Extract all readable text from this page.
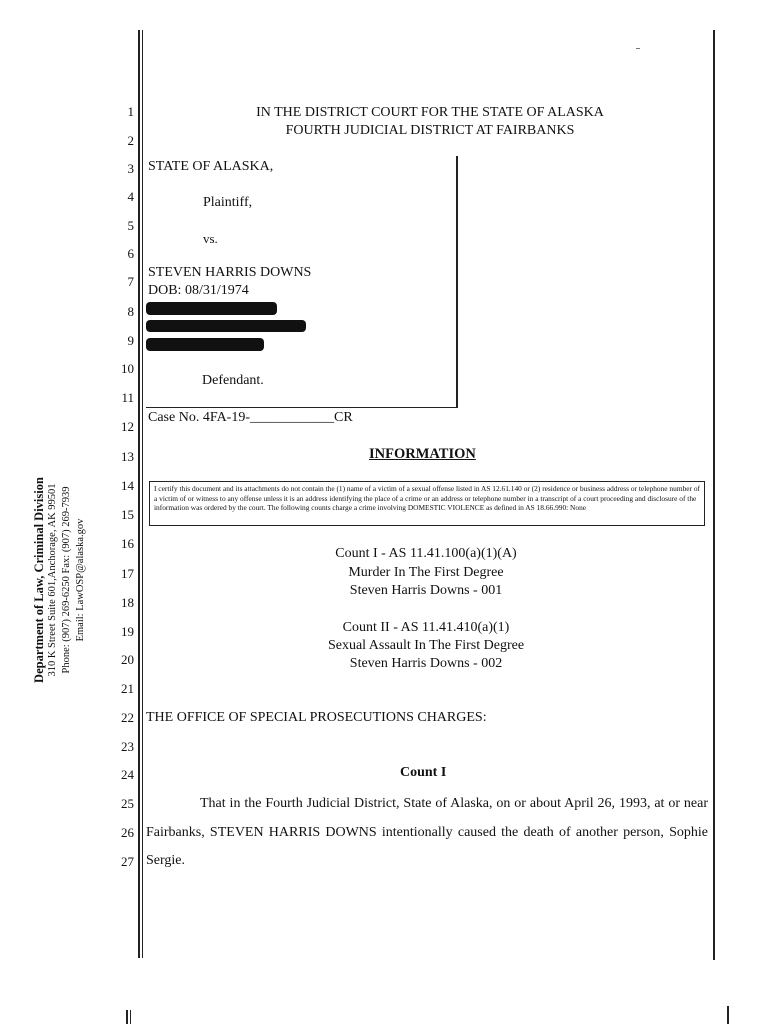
Department of Law, Criminal Division 310 K Street Suite 601,Anchorage, AK 99501 Phone: (907) 269-6250 Fax: (907) 269-7939 Email: LawOSP@alaska.gov
1
2
3
4
5
6
7
8
9
10
11
12
13
14
15
16
17
18
19
20
21
22
23
24
25
26
27
IN THE DISTRICT COURT FOR THE STATE OF ALASKA
FOURTH JUDICIAL DISTRICT AT FAIRBANKS
STATE OF ALASKA,
Plaintiff,
vs.
STEVEN HARRIS DOWNS
DOB: 08/31/1974
Defendant.
Case No. 4FA-19-____________CR
INFORMATION
I certify this document and its attachments do not contain the (1) name of a victim of a sexual offense listed in AS 12.61.140 or (2) residence or business address or telephone number of a victim of or witness to any offense unless it is an address identifying the place of a crime or an address or telephone number in a transcript of a court proceeding and disclosure of the information was ordered by the court. The following counts charge a crime involving DOMESTIC VIOLENCE as defined in AS 18.66.990: None
Count I - AS 11.41.100(a)(1)(A)
Murder In The First Degree
Steven Harris Downs - 001
Count II - AS 11.41.410(a)(1)
Sexual Assault In The First Degree
Steven Harris Downs - 002
THE OFFICE OF SPECIAL PROSECUTIONS CHARGES:
Count I
That in the Fourth Judicial District, State of Alaska, on or about April 26, 1993, at or near Fairbanks, STEVEN HARRIS DOWNS intentionally caused the death of another person, Sophie Sergie.
